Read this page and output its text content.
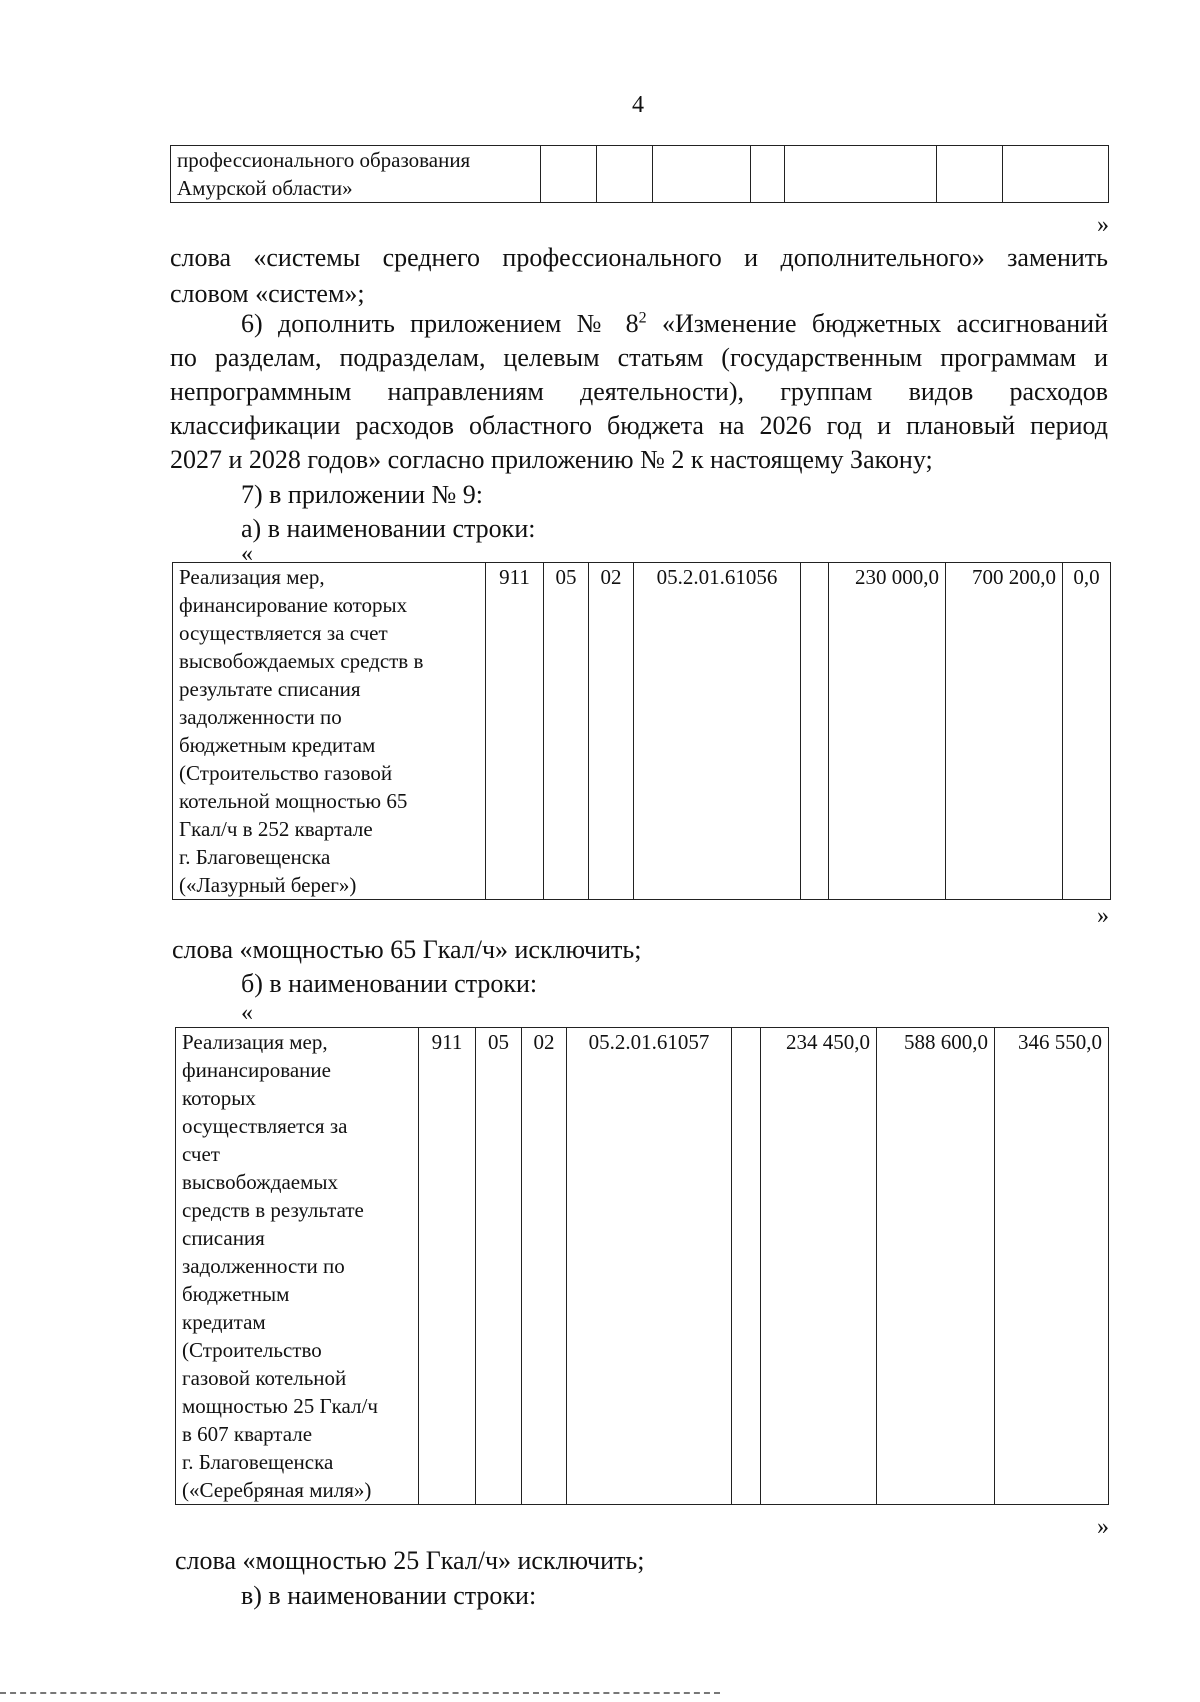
4
профессионального образования
Амурской области»

»
слова «системы среднего профессионального и дополнительного» заменить
словом «систем»;
6) дополнить приложением № $8^2$ «Изменение бюджетных ассигнований
по разделам, подразделам, целевым статьям (государственным программам и
непрограммным направлениям деятельности), группам видов расходов
классификации расходов областного бюджета на 2026 год и плановый период
2027 и 2028 годов» согласно приложению № 2 к настоящему Закону;
7) в приложении № 9:
а) в наименовании строки:
«
Реализация мер,
финансирование которых
осуществляется за счет
высвобождаемых средств в
результате списания
задолженности по
бюджетным кредитам
(Строительство газовой
котельной мощностью 65
Гкал/ч в 252 квартале
г. Благовещенска
(«Лазурный берег»)
	911	05	02	05.2.01.61056		230 000,0	700 200,0	0,0
»
слова «мощностью 65 Гкал/ч» исключить;
б) в наименовании строки:
«
Реализация мер,
финансирование
которых
осуществляется за
счет
высвобождаемых
средств в результате
списания
задолженности по
бюджетным
кредитам
(Строительство
газовой котельной
мощностью 25 Гкал/ч
в 607 квартале
г. Благовещенска
(«Серебряная миля»)
	911	05	02	05.2.01.61057		234 450,0	588 600,0	346 550,0
»
слова «мощностью 25 Гкал/ч» исключить;
в) в наименовании строки:
